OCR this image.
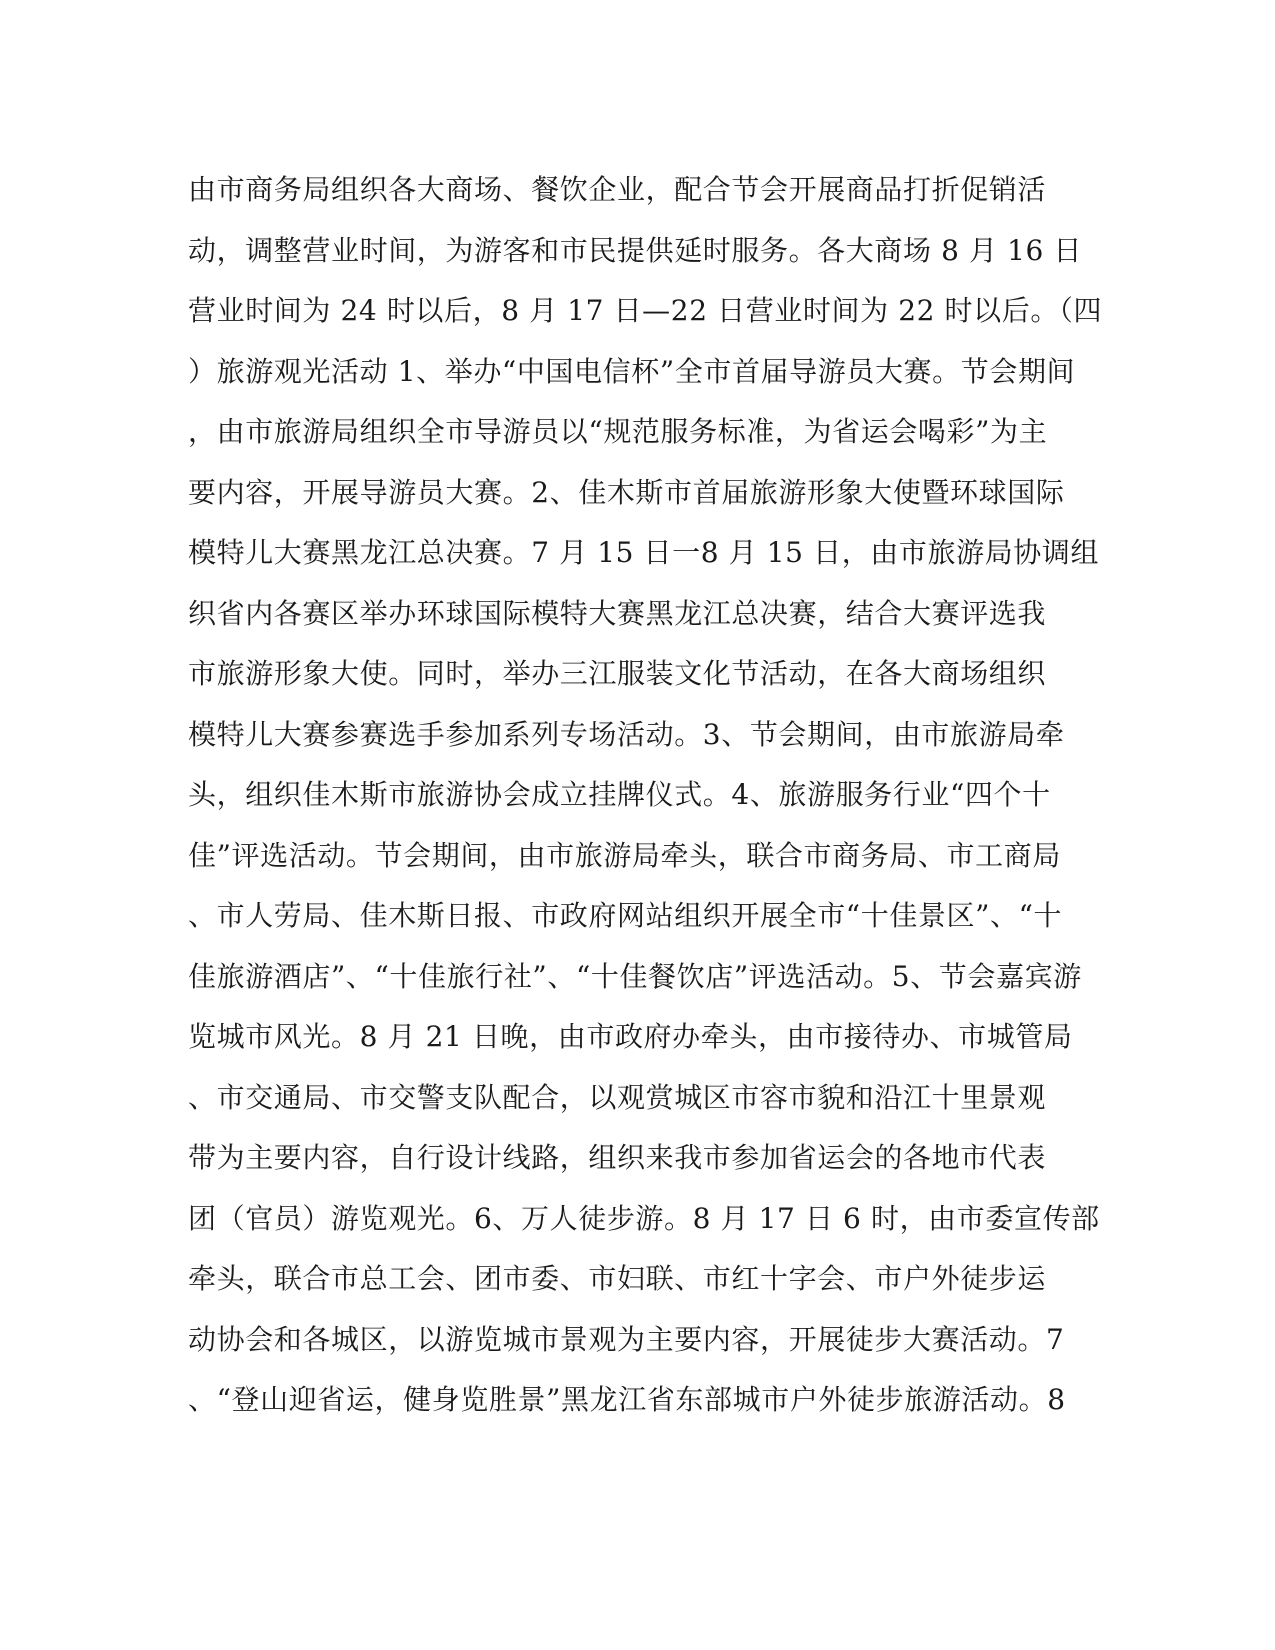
由市商务局组织各大商场、餐饮企业，配合节会开展商品打折促销活
动，调整营业时间，为游客和市民提供延时服务。各大商场 8 月 16 日
营业时间为 24 时以后，8 月 17 日—22 日营业时间为 22 时以后。（四
）旅游观光活动 1、举办“中国电信杯”全市首届导游员大赛。节会期间
，由市旅游局组织全市导游员以“规范服务标准，为省运会喝彩”为主
要内容，开展导游员大赛。2、佳木斯市首届旅游形象大使暨环球国际
模特儿大赛黑龙江总决赛。7 月 15 日一8 月 15 日，由市旅游局协调组
织省内各赛区举办环球国际模特大赛黑龙江总决赛，结合大赛评选我
市旅游形象大使。同时，举办三江服装文化节活动，在各大商场组织
模特儿大赛参赛选手参加系列专场活动。3、节会期间，由市旅游局牵
头，组织佳木斯市旅游协会成立挂牌仪式。4、旅游服务行业“四个十
佳”评选活动。节会期间，由市旅游局牵头，联合市商务局、市工商局
、市人劳局、佳木斯日报、市政府网站组织开展全市“十佳景区”、“十
佳旅游酒店”、“十佳旅行社”、“十佳餐饮店”评选活动。5、节会嘉宾游
览城市风光。8 月 21 日晚，由市政府办牵头，由市接待办、市城管局
、市交通局、市交警支队配合，以观赏城区市容市貌和沿江十里景观
带为主要内容，自行设计线路，组织来我市参加省运会的各地市代表
团（官员）游览观光。6、万人徒步游。8 月 17 日 6 时，由市委宣传部
牵头，联合市总工会、团市委、市妇联、市红十字会、市户外徒步运
动协会和各城区，以游览城市景观为主要内容，开展徒步大赛活动。7
、“登山迎省运，健身览胜景”黑龙江省东部城市户外徒步旅游活动。8
